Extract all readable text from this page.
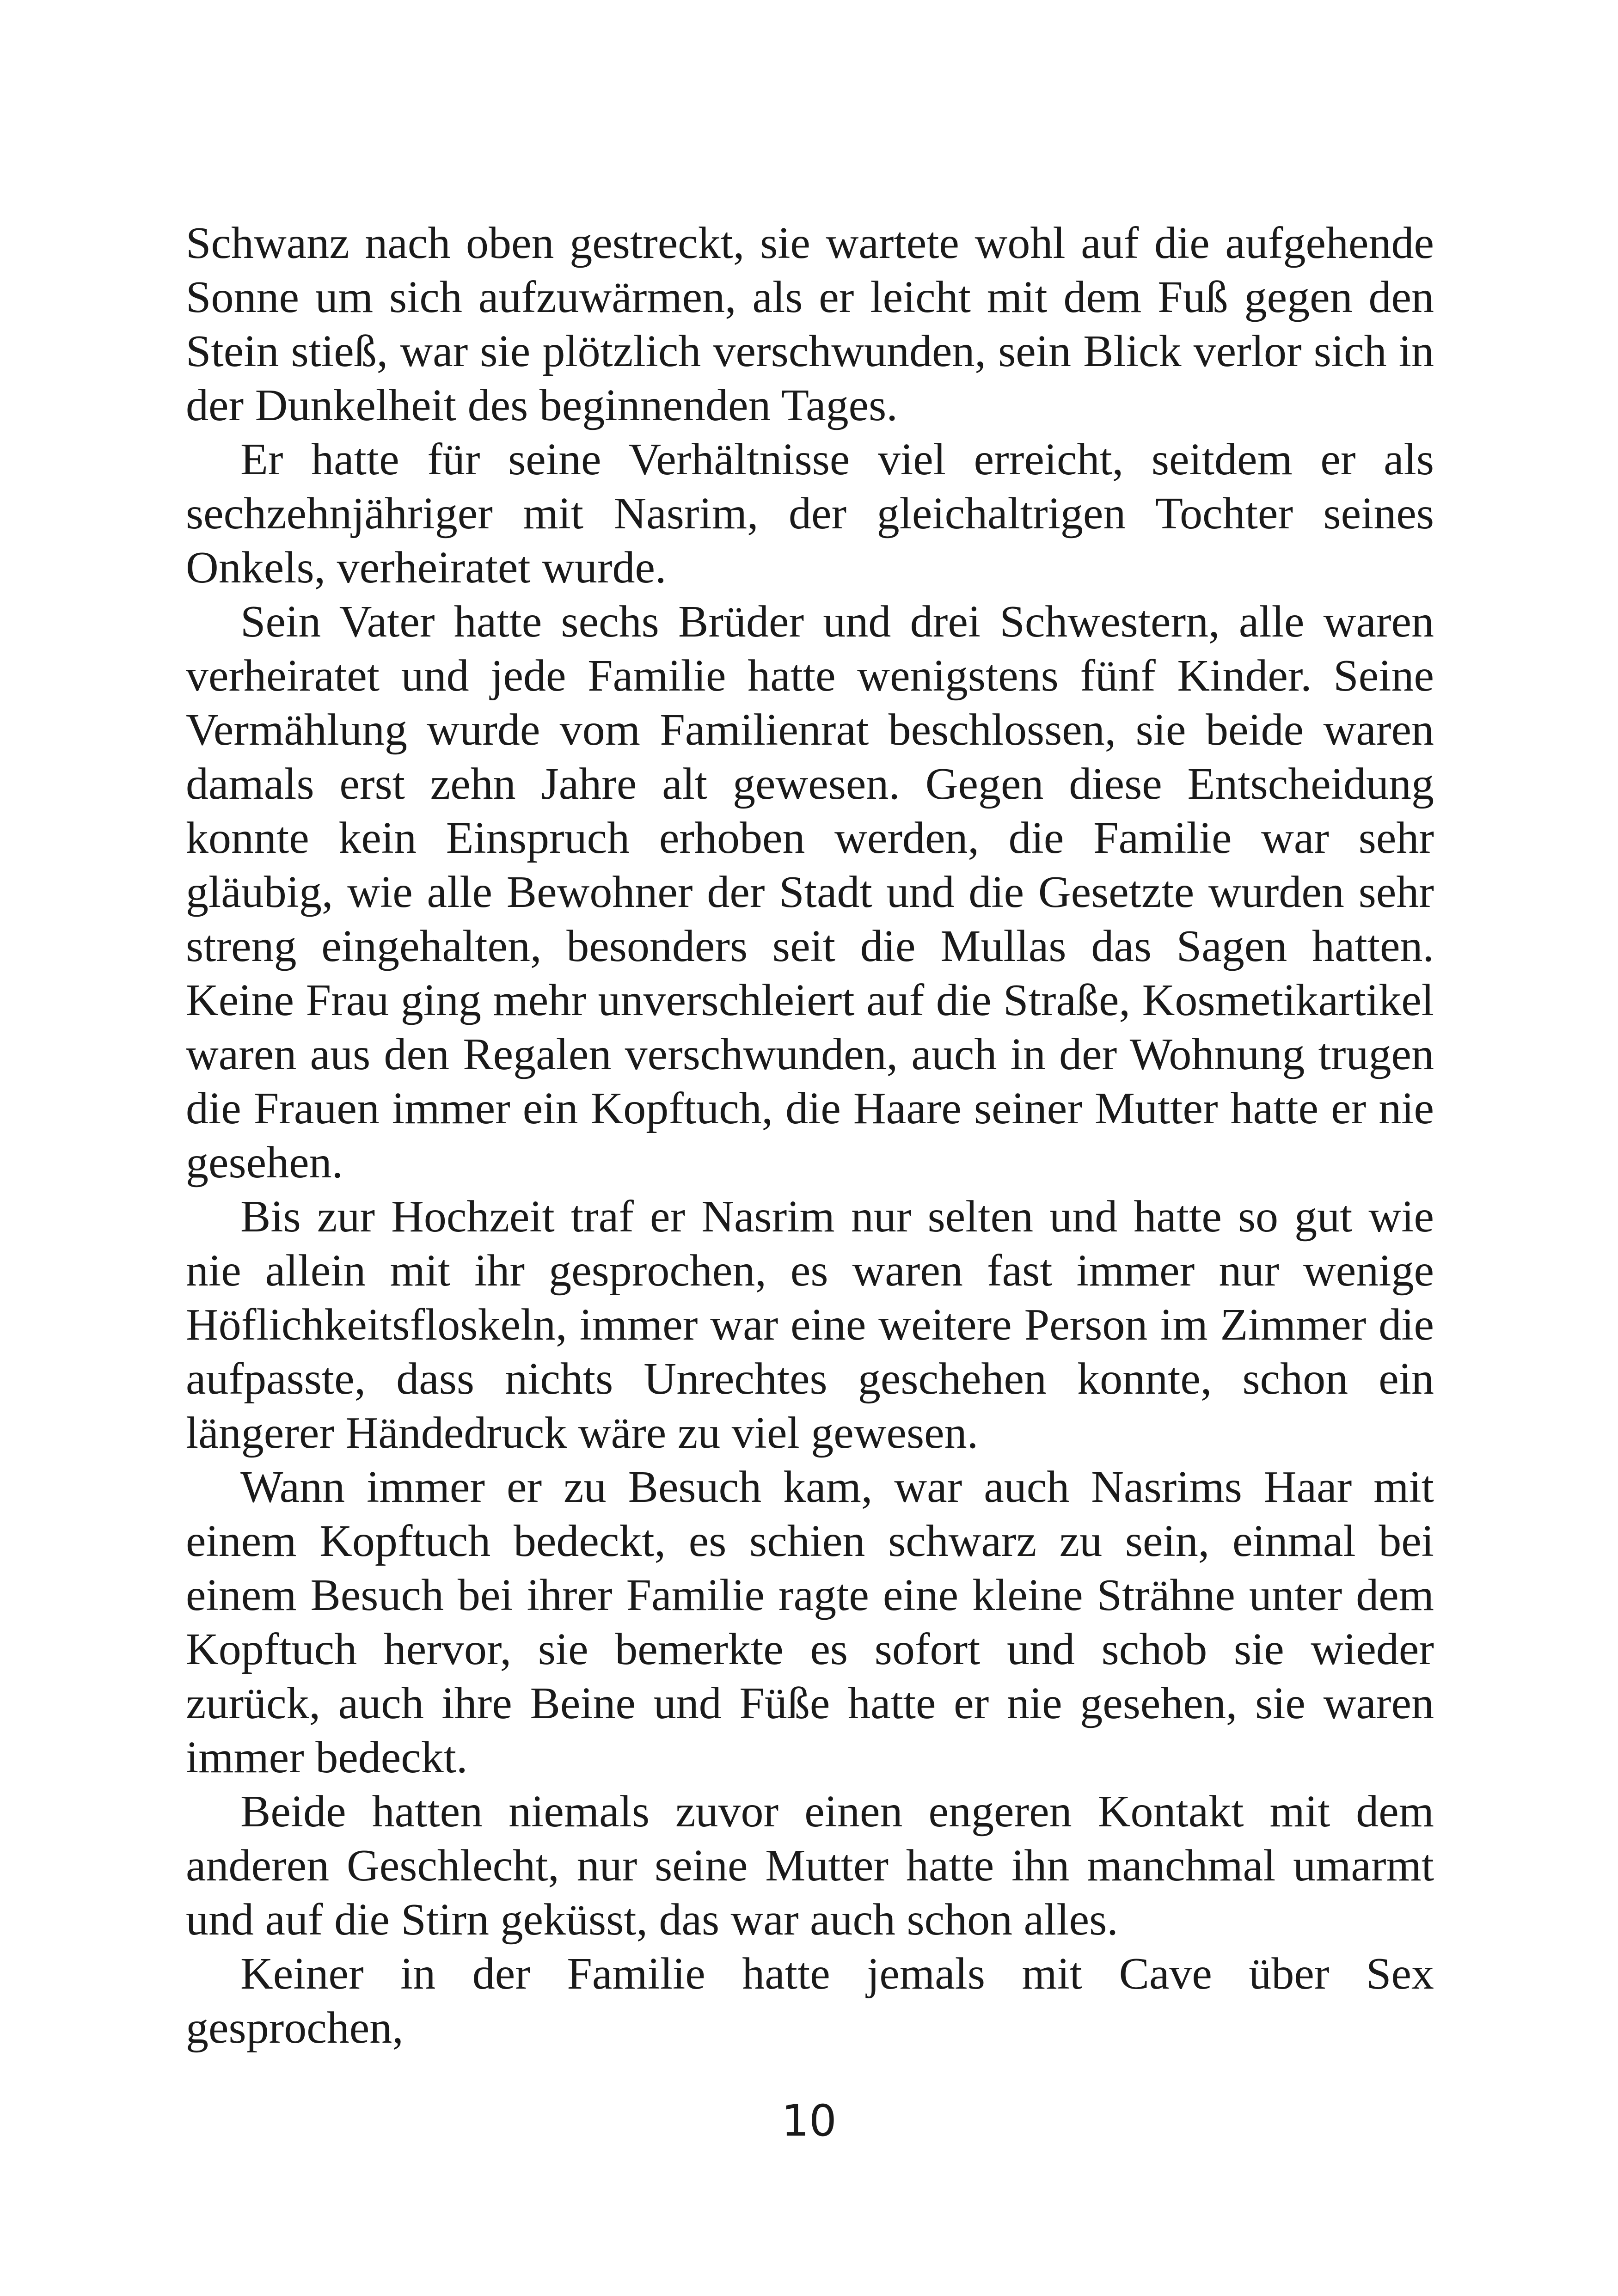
Schwanz nach oben gestreckt, sie wartete wohl auf die aufgehende Sonne um sich aufzuwärmen, als er leicht mit dem Fuß gegen den Stein stieß, war sie plötzlich verschwunden, sein Blick verlor sich in der Dunkelheit des beginnenden Tages.

Er hatte für seine Verhältnisse viel erreicht, seitdem er als sechzehnjähriger mit Nasrim, der gleichaltrigen Tochter seines Onkels, verheiratet wurde.

Sein Vater hatte sechs Brüder und drei Schwestern, alle waren verheiratet und jede Familie hatte wenigstens fünf Kinder. Seine Vermählung wurde vom Familienrat beschlossen, sie beide waren damals erst zehn Jahre alt gewesen. Gegen diese Entscheidung konnte kein Einspruch erhoben werden, die Familie war sehr gläubig, wie alle Bewohner der Stadt und die Gesetzte wurden sehr streng eingehalten, besonders seit die Mullas das Sagen hatten. Keine Frau ging mehr unverschleiert auf die Straße, Kosmetikartikel waren aus den Regalen verschwunden, auch in der Wohnung trugen die Frauen immer ein Kopftuch, die Haare seiner Mutter hatte er nie gesehen.

Bis zur Hochzeit traf er Nasrim nur selten und hatte so gut wie nie allein mit ihr gesprochen, es waren fast immer nur wenige Höflichkeitsfloskeln, immer war eine weitere Person im Zimmer die aufpasste, dass nichts Unrechtes geschehen konnte, schon ein längerer Händedruck wäre zu viel gewesen.

Wann immer er zu Besuch kam, war auch Nasrims Haar mit einem Kopftuch bedeckt, es schien schwarz zu sein, einmal bei einem Besuch bei ihrer Familie ragte eine kleine Strähne unter dem Kopftuch hervor, sie bemerkte es sofort und schob sie wieder zurück, auch ihre Beine und Füße hatte er nie gesehen, sie waren immer bedeckt.

Beide hatten niemals zuvor einen engeren Kontakt mit dem anderen Geschlecht, nur seine Mutter hatte ihn manchmal umarmt und auf die Stirn geküsst, das war auch schon alles.

Keiner in der Familie hatte jemals mit Cave über Sex gesprochen,

10
